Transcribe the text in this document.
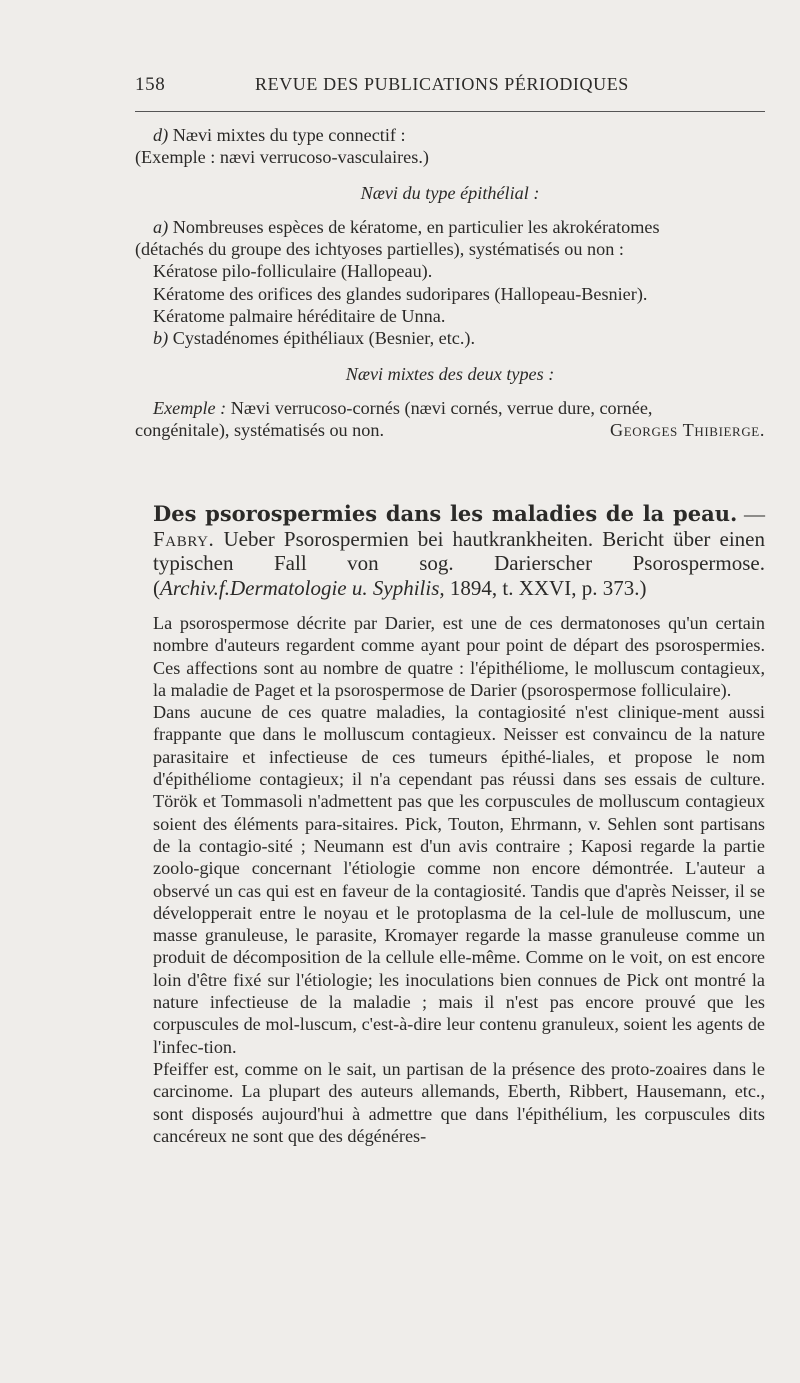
158	REVUE DES PUBLICATIONS PÉRIODIQUES
d) Nævi mixtes du type connectif :
(Exemple : nævi verrucoso-vasculaires.)
Nævi du type épithélial :
a) Nombreuses espèces de kératome, en particulier les akrokératomes
(détachés du groupe des ichtyoses partielles), systématisés ou non :
Kératose pilo-folliculaire (Hallopeau).
Kératome des orifices des glandes sudoripares (Hallopeau-Besnier).
Kératome palmaire héréditaire de Unna.
b) Cystadénomes épithéliaux (Besnier, etc.).
Nævi mixtes des deux types :
Exemple : Nævi verrucoso-cornés (nævi cornés, verrue dure, cornée,
congénitale), systématisés ou non.	Georges Thibierge.
Des psorospermies dans les maladies de la peau. — Fabry. Ueber Psorospermien bei hautkrankheiten. Bericht über einen typischen Fall von sog. Darierscher Psorospermose. (Archiv.f.Dermatologie u. Syphilis, 1894, t. XXVI, p. 373.)
La psorospermose décrite par Darier, est une de ces dermatonoses qu'un certain nombre d'auteurs regardent comme ayant pour point de départ des psorospermies. Ces affections sont au nombre de quatre : l'épithéliome, le molluscum contagieux, la maladie de Paget et la psorospermose de Darier (psorospermose folliculaire).
Dans aucune de ces quatre maladies, la contagiosité n'est clinique-ment aussi frappante que dans le molluscum contagieux. Neisser est convaincu de la nature parasitaire et infectieuse de ces tumeurs épithé-liales, et propose le nom d'épithéliome contagieux; il n'a cependant pas réussi dans ses essais de culture. Török et Tommasoli n'admettent pas que les corpuscules de molluscum contagieux soient des éléments para-sitaires. Pick, Touton, Ehrmann, v. Sehlen sont partisans de la contagio-sité ; Neumann est d'un avis contraire ; Kaposi regarde la partie zoolo-gique concernant l'étiologie comme non encore démontrée. L'auteur a observé un cas qui est en faveur de la contagiosité. Tandis que d'après Neisser, il se développerait entre le noyau et le protoplasma de la cel-lule de molluscum, une masse granuleuse, le parasite, Kromayer regarde la masse granuleuse comme un produit de décomposition de la cellule elle-même. Comme on le voit, on est encore loin d'être fixé sur l'étiologie; les inoculations bien connues de Pick ont montré la nature infectieuse de la maladie ; mais il n'est pas encore prouvé que les corpuscules de mol-luscum, c'est-à-dire leur contenu granuleux, soient les agents de l'infec-tion.
Pfeiffer est, comme on le sait, un partisan de la présence des proto-zoaires dans le carcinome. La plupart des auteurs allemands, Eberth, Ribbert, Hausemann, etc., sont disposés aujourd'hui à admettre que dans l'épithélium, les corpuscules dits cancéreux ne sont que des dégénéres-
